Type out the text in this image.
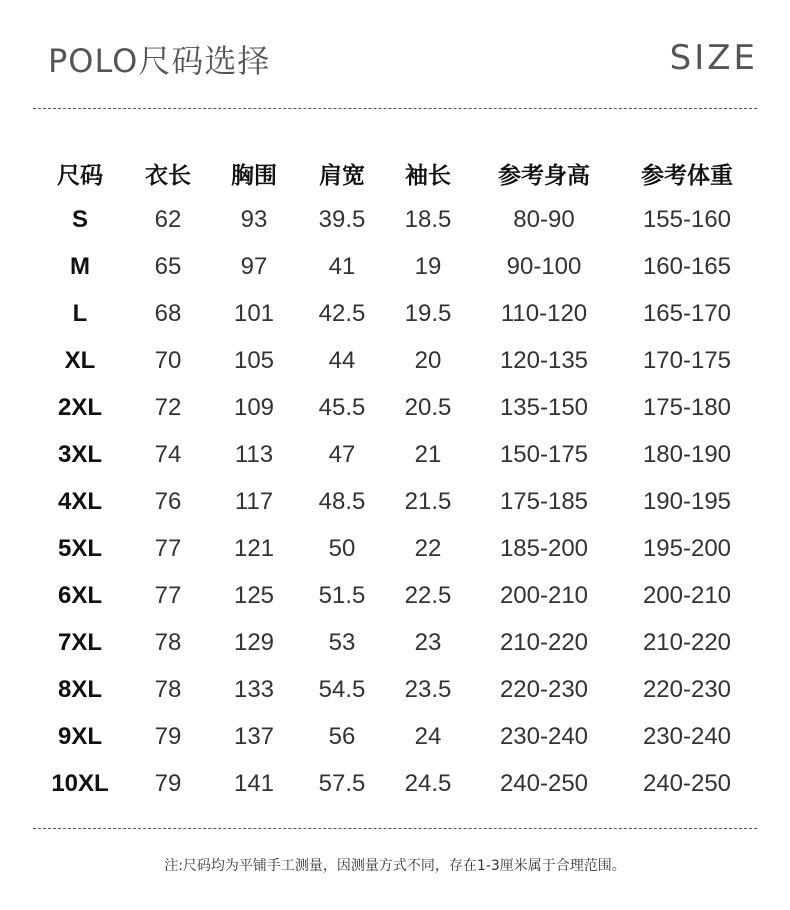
POLO尺码选择	SIZE
尺码	衣长	胸围	肩宽	袖长	参考身高	参考体重
S	62	93	39.5	18.5	80-90	155-160
M	65	97	41	19	90-100	160-165
L	68	101	42.5	19.5	110-120	165-170
XL	70	105	44	20	120-135	170-175
2XL	72	109	45.5	20.5	135-150	175-180
3XL	74	113	47	21	150-175	180-190
4XL	76	117	48.5	21.5	175-185	190-195
5XL	77	121	50	22	185-200	195-200
6XL	77	125	51.5	22.5	200-210	200-210
7XL	78	129	53	23	210-220	210-220
8XL	78	133	54.5	23.5	220-230	220-230
9XL	79	137	56	24	230-240	230-240
10XL	79	141	57.5	24.5	240-250	240-250
注:尺码均为平铺手工测量，因测量方式不同，存在1-3厘米属于合理范围。
